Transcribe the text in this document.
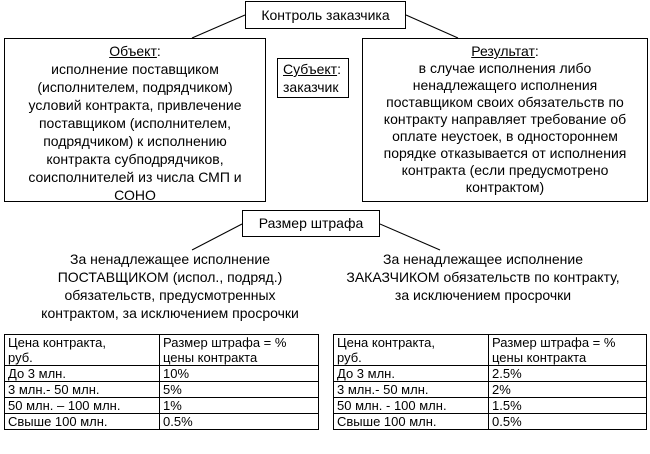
Контроль заказчика
Объект:
исполнение поставщиком
(исполнителем, подрядчиком)
условий контракта, привлечение
поставщиком (исполнителем,
подрядчиком) к исполнению
контракта субподрядчиков,
соисполнителей из числа СМП и
СОНО
Субъект:
заказчик
Результат:
в случае исполнения либо
ненадлежащего исполнения
поставщиком своих обязательств по
контракту направляет требование об
оплате неустоек, в одностороннем
порядке отказывается от исполнения
контракта (если предусмотрено
контрактом)
Размер штрафа
За ненадлежащее исполнение
ПОСТАВЩИКОМ (испол., подряд.)
обязательств, предусмотренных
контрактом, за исключением просрочки
За ненадлежащее исполнение
ЗАКАЗЧИКОМ обязательств по контракту,
за исключением просрочки
Цена контракта,
руб.	Размер штрафа = %
цены контракта

До 3 млн.	10%
3 млн.- 50 млн.	5%
50 млн. – 100 млн.	1%
Свыше 100 млн.	0.5%
Цена контракта,
руб.	Размер штрафа = %
цены контракта

До 3 млн.	2.5%
3 млн.- 50 млн.	2%
50 млн. - 100 млн.	1.5%
Свыше 100 млн.	0.5%
